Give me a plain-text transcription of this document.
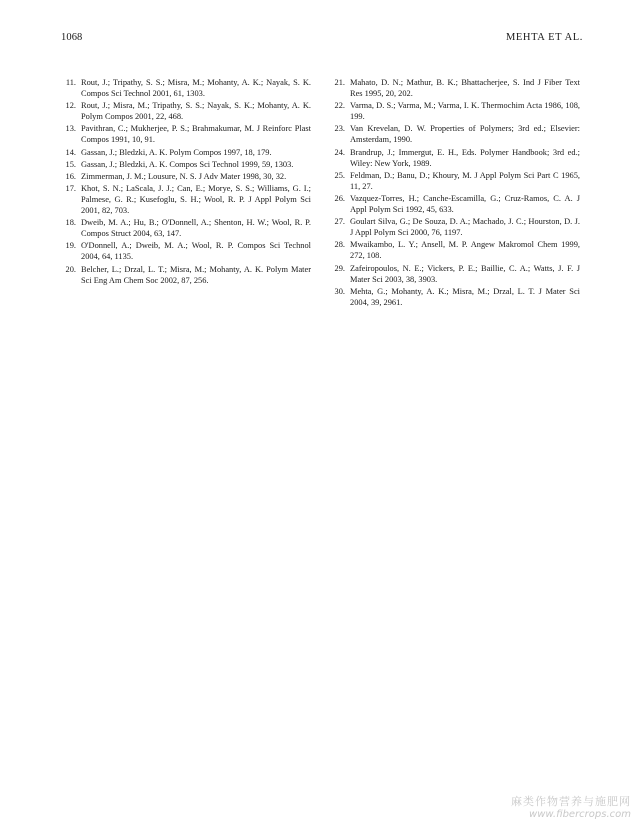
1068	MEHTA ET AL.
11. Rout, J.; Tripathy, S. S.; Misra, M.; Mohanty, A. K.; Nayak, S. K. Compos Sci Technol 2001, 61, 1303.
12. Rout, J.; Misra, M.; Tripathy, S. S.; Nayak, S. K.; Mohanty, A. K. Polym Compos 2001, 22, 468.
13. Pavithran, C.; Mukherjee, P. S.; Brahmakumar, M. J Reinforc Plast Compos 1991, 10, 91.
14. Gassan, J.; Bledzki, A. K. Polym Compos 1997, 18, 179.
15. Gassan, J.; Bledzki, A. K. Compos Sci Technol 1999, 59, 1303.
16. Zimmerman, J. M.; Lousure, N. S. J Adv Mater 1998, 30, 32.
17. Khot, S. N.; LaScala, J. J.; Can, E.; Morye, S. S.; Williams, G. I.; Palmese, G. R.; Kusefoglu, S. H.; Wool, R. P. J Appl Polym Sci 2001, 82, 703.
18. Dweib, M. A.; Hu, B.; O'Donnell, A.; Shenton, H. W.; Wool, R. P. Compos Struct 2004, 63, 147.
19. O'Donnell, A.; Dweib, M. A.; Wool, R. P. Compos Sci Technol 2004, 64, 1135.
20. Belcher, L.; Drzal, L. T.; Misra, M.; Mohanty, A. K. Polym Mater Sci Eng Am Chem Soc 2002, 87, 256.
21. Mahato, D. N.; Mathur, B. K.; Bhattacherjee, S. Ind J Fiber Text Res 1995, 20, 202.
22. Varma, D. S.; Varma, M.; Varma, I. K. Thermochim Acta 1986, 108, 199.
23. Van Krevelan, D. W. Properties of Polymers; 3rd ed.; Elsevier: Amsterdam, 1990.
24. Brandrup, J.; Immergut, E. H., Eds. Polymer Handbook; 3rd ed.; Wiley: New York, 1989.
25. Feldman, D.; Banu, D.; Khoury, M. J Appl Polym Sci Part C 1965, 11, 27.
26. Vazquez-Torres, H.; Canche-Escamilla, G.; Cruz-Ramos, C. A. J Appl Polym Sci 1992, 45, 633.
27. Goulart Silva, G.; De Souza, D. A.; Machado, J. C.; Hourston, D. J. J Appl Polym Sci 2000, 76, 1197.
28. Mwaikambo, L. Y.; Ansell, M. P. Angew Makromol Chem 1999, 272, 108.
29. Zafeiropoulos, N. E.; Vickers, P. E.; Baillie, C. A.; Watts, J. F. J Mater Sci 2003, 38, 3903.
30. Mehta, G.; Mohanty, A. K.; Misra, M.; Drzal, L. T. J Mater Sci 2004, 39, 2961.
麻类作物营养与施肥网
www.fibercrops.com
